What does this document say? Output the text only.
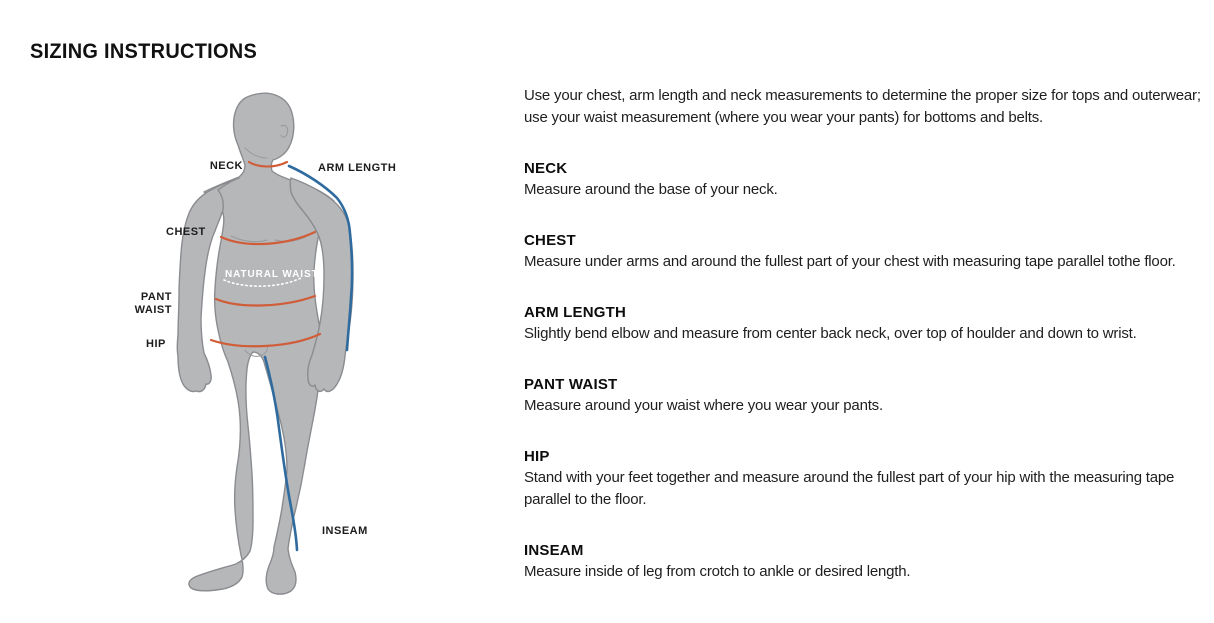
SIZING INSTRUCTIONS
NECK	ARM LENGTH
CHEST
NATURAL WAIST
PANT WAIST
HIP
INSEAM

Use your chest, arm length and neck measurements to determine the proper size for tops and outerwear; use your waist measurement (where you wear your pants) for bottoms and belts.

NECK

Measure around the base of your neck.

CHEST

Measure under arms and around the fullest part of your chest with measuring tape parallel tothe floor.

ARM LENGTH

Slightly bend elbow and measure from center back neck, over top of houlder and down to wrist.

PANT WAIST

Measure around your waist where you wear your pants.

HIP

Stand with your feet together and measure around the fullest part of your hip with the measuring tape parallel to the floor.

INSEAM

Measure inside of leg from crotch to ankle or desired length.
